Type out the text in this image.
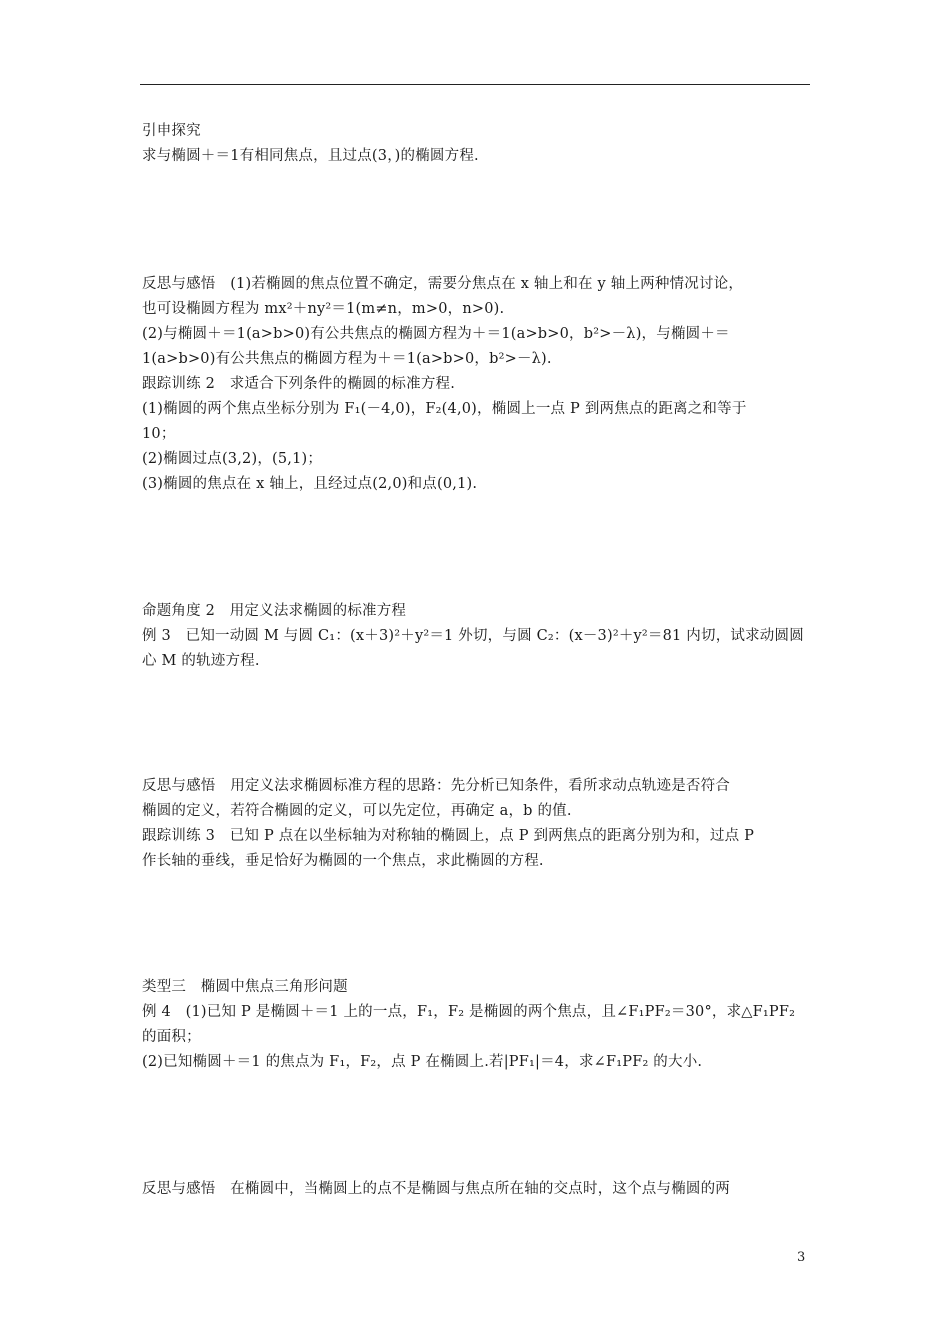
引申探究
求与椭圆＋＝1有相同焦点，且过点(3，)的椭圆方程.
反思与感悟　(1)若椭圆的焦点位置不确定，需要分焦点在 x 轴上和在 y 轴上两种情况讨论，
也可设椭圆方程为 mx²＋ny²＝1(m≠n，m>0，n>0).
(2)与椭圆＋＝1(a>b>0)有公共焦点的椭圆方程为＋＝1(a>b>0，b²>－λ)，与椭圆＋＝
1(a>b>0)有公共焦点的椭圆方程为＋＝1(a>b>0，b²>－λ).
跟踪训练 2　求适合下列条件的椭圆的标准方程.
(1)椭圆的两个焦点坐标分别为 F₁(－4,0)，F₂(4,0)，椭圆上一点 P 到两焦点的距离之和等于
10；
(2)椭圆过点(3,2)，(5,1)；
(3)椭圆的焦点在 x 轴上，且经过点(2,0)和点(0,1).
命题角度 2　用定义法求椭圆的标准方程
例 3　已知一动圆 M 与圆 C₁：(x＋3)²＋y²＝1 外切，与圆 C₂：(x－3)²＋y²＝81 内切，试求动圆圆
心 M 的轨迹方程.
反思与感悟　用定义法求椭圆标准方程的思路：先分析已知条件，看所求动点轨迹是否符合
椭圆的定义，若符合椭圆的定义，可以先定位，再确定 a，b 的值.
跟踪训练 3　已知 P 点在以坐标轴为对称轴的椭圆上，点 P 到两焦点的距离分别为和，过点 P
作长轴的垂线，垂足恰好为椭圆的一个焦点，求此椭圆的方程.
类型三　椭圆中焦点三角形问题
例 4　(1)已知 P 是椭圆＋＝1 上的一点，F₁，F₂ 是椭圆的两个焦点，且∠F₁PF₂＝30°，求△F₁PF₂
的面积；
(2)已知椭圆＋＝1 的焦点为 F₁，F₂，点 P 在椭圆上.若|PF₁|＝4，求∠F₁PF₂ 的大小.
反思与感悟　在椭圆中，当椭圆上的点不是椭圆与焦点所在轴的交点时，这个点与椭圆的两
3
